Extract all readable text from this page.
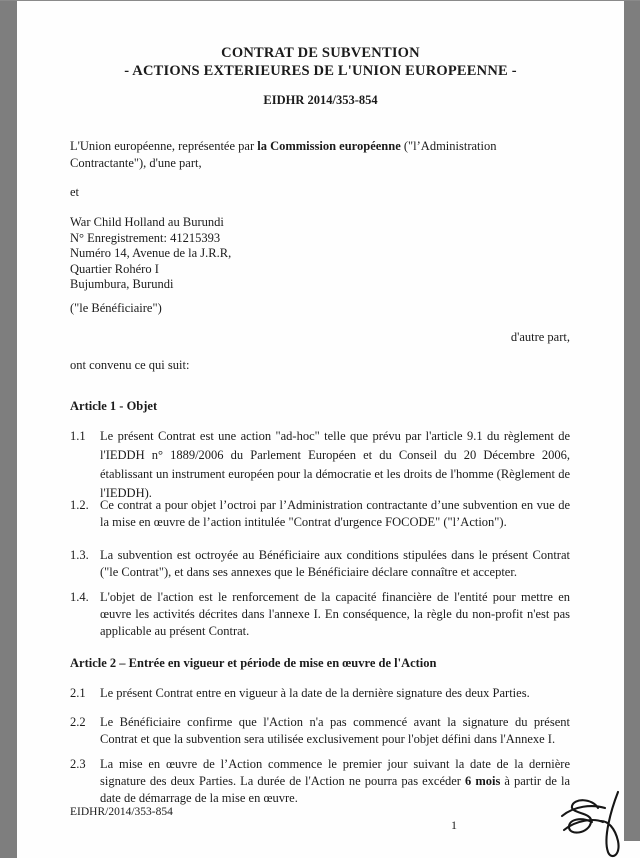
CONTRAT DE SUBVENTION
- ACTIONS EXTERIEURES DE L'UNION EUROPEENNE -
EIDHR 2014/353-854
L'Union européenne, représentée par la Commission européenne ("l’Administration Contractante"), d'une part,
et
War Child Holland au Burundi
N° Enregistrement: 41215393
Numéro 14, Avenue de la J.R.R,
Quartier Rohéro I
Bujumbura, Burundi
("le Bénéficiaire")
d'autre part,
ont convenu ce qui suit:
Article 1 - Objet
1.1	Le présent Contrat est une action "ad-hoc" telle que prévu par l'article 9.1 du règlement de l'IEDDH n° 1889/2006 du Parlement Européen et du Conseil du 20 Décembre 2006, établissant un instrument européen pour la démocratie et les droits de l'homme (Règlement de l'IEDDH).
1.2. Ce contrat a pour objet l’octroi par l’Administration contractante d’une subvention en vue de la mise en œuvre de l’action intitulée "Contrat d'urgence FOCODE" ("l’Action").
1.3. La subvention est octroyée au Bénéficiaire aux conditions stipulées dans le présent Contrat ("le Contrat"), et dans ses annexes que le Bénéficiaire déclare connaître et accepter.
1.4. L'objet de l'action est le renforcement de la capacité financière de l'entité pour mettre en œuvre les activités décrites dans l'annexe I. En conséquence, la règle du non-profit n'est pas applicable au présent Contrat.
Article 2 – Entrée en vigueur et période de mise en œuvre de l'Action
2.1	Le présent Contrat entre en vigueur à la date de la dernière signature des deux Parties.
2.2	Le Bénéficiaire confirme que l'Action n'a pas commencé avant la signature du présent Contrat et que la subvention sera utilisée exclusivement pour l'objet défini dans l'Annexe I.
2.3	La mise en œuvre de l’Action commence le premier jour suivant la date de la dernière signature des deux Parties. La durée de l'Action ne pourra pas excéder 6 mois à partir de la date de démarrage de la mise en œuvre.
EIDHR/2014/353-854
1
